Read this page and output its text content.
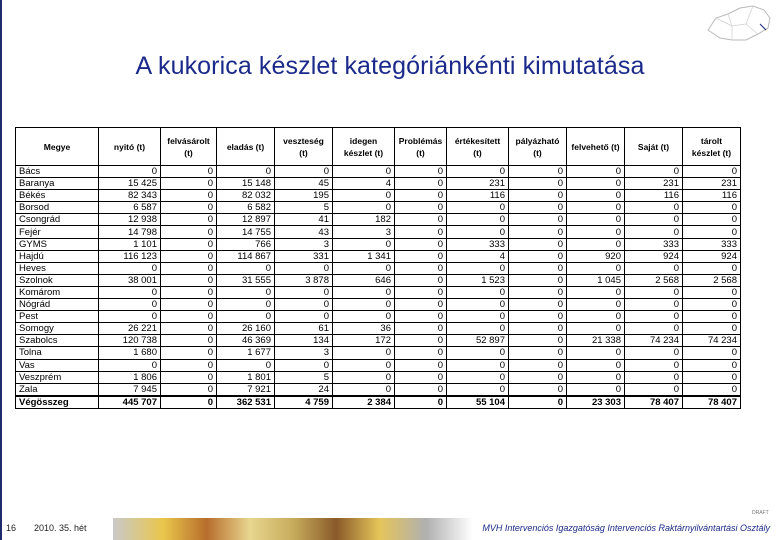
A kukorica készlet kategóriánkénti kimutatása
Megye	nyitó (t)	felvásárolt (t)	eladás (t)	veszteség (t)	idegen készlet (t)	Problémás (t)	értékesített (t)	pályázható (t)	felvehető (t)	Saját (t)	tárolt készlet (t)
Bács	0	0	0	0	0	0	0	0	0	0	0
Baranya	15 425	0	15 148	45	4	0	231	0	0	231	231
Békés	82 343	0	82 032	195	0	0	116	0	0	116	116
Borsod	6 587	0	6 582	5	0	0	0	0	0	0	0
Csongrád	12 938	0	12 897	41	182	0	0	0	0	0	0
Fejér	14 798	0	14 755	43	3	0	0	0	0	0	0
GYMS	1 101	0	766	3	0	0	333	0	0	333	333
Hajdú	116 123	0	114 867	331	1 341	0	4	0	920	924	924
Heves	0	0	0	0	0	0	0	0	0	0	0
Szolnok	38 001	0	31 555	3 878	646	0	1 523	0	1 045	2 568	2 568
Komárom	0	0	0	0	0	0	0	0	0	0	0
Nógrád	0	0	0	0	0	0	0	0	0	0	0
Pest	0	0	0	0	0	0	0	0	0	0	0
Somogy	26 221	0	26 160	61	36	0	0	0	0	0	0
Szabolcs	120 738	0	46 369	134	172	0	52 897	0	21 338	74 234	74 234
Tolna	1 680	0	1 677	3	0	0	0	0	0	0	0
Vas	0	0	0	0	0	0	0	0	0	0	0
Veszprém	1 806	0	1 801	5	0	0	0	0	0	0	0
Zala	7 945	0	7 921	24	0	0	0	0	0	0	0
Végösszeg	445 707	0	362 531	4 759	2 384	0	55 104	0	23 303	78 407	78 407
DRAFT
16 2010. 35. hét	MVH Intervenciós Igazgatóság Intervenciós Raktárnyilvántartási Osztály
